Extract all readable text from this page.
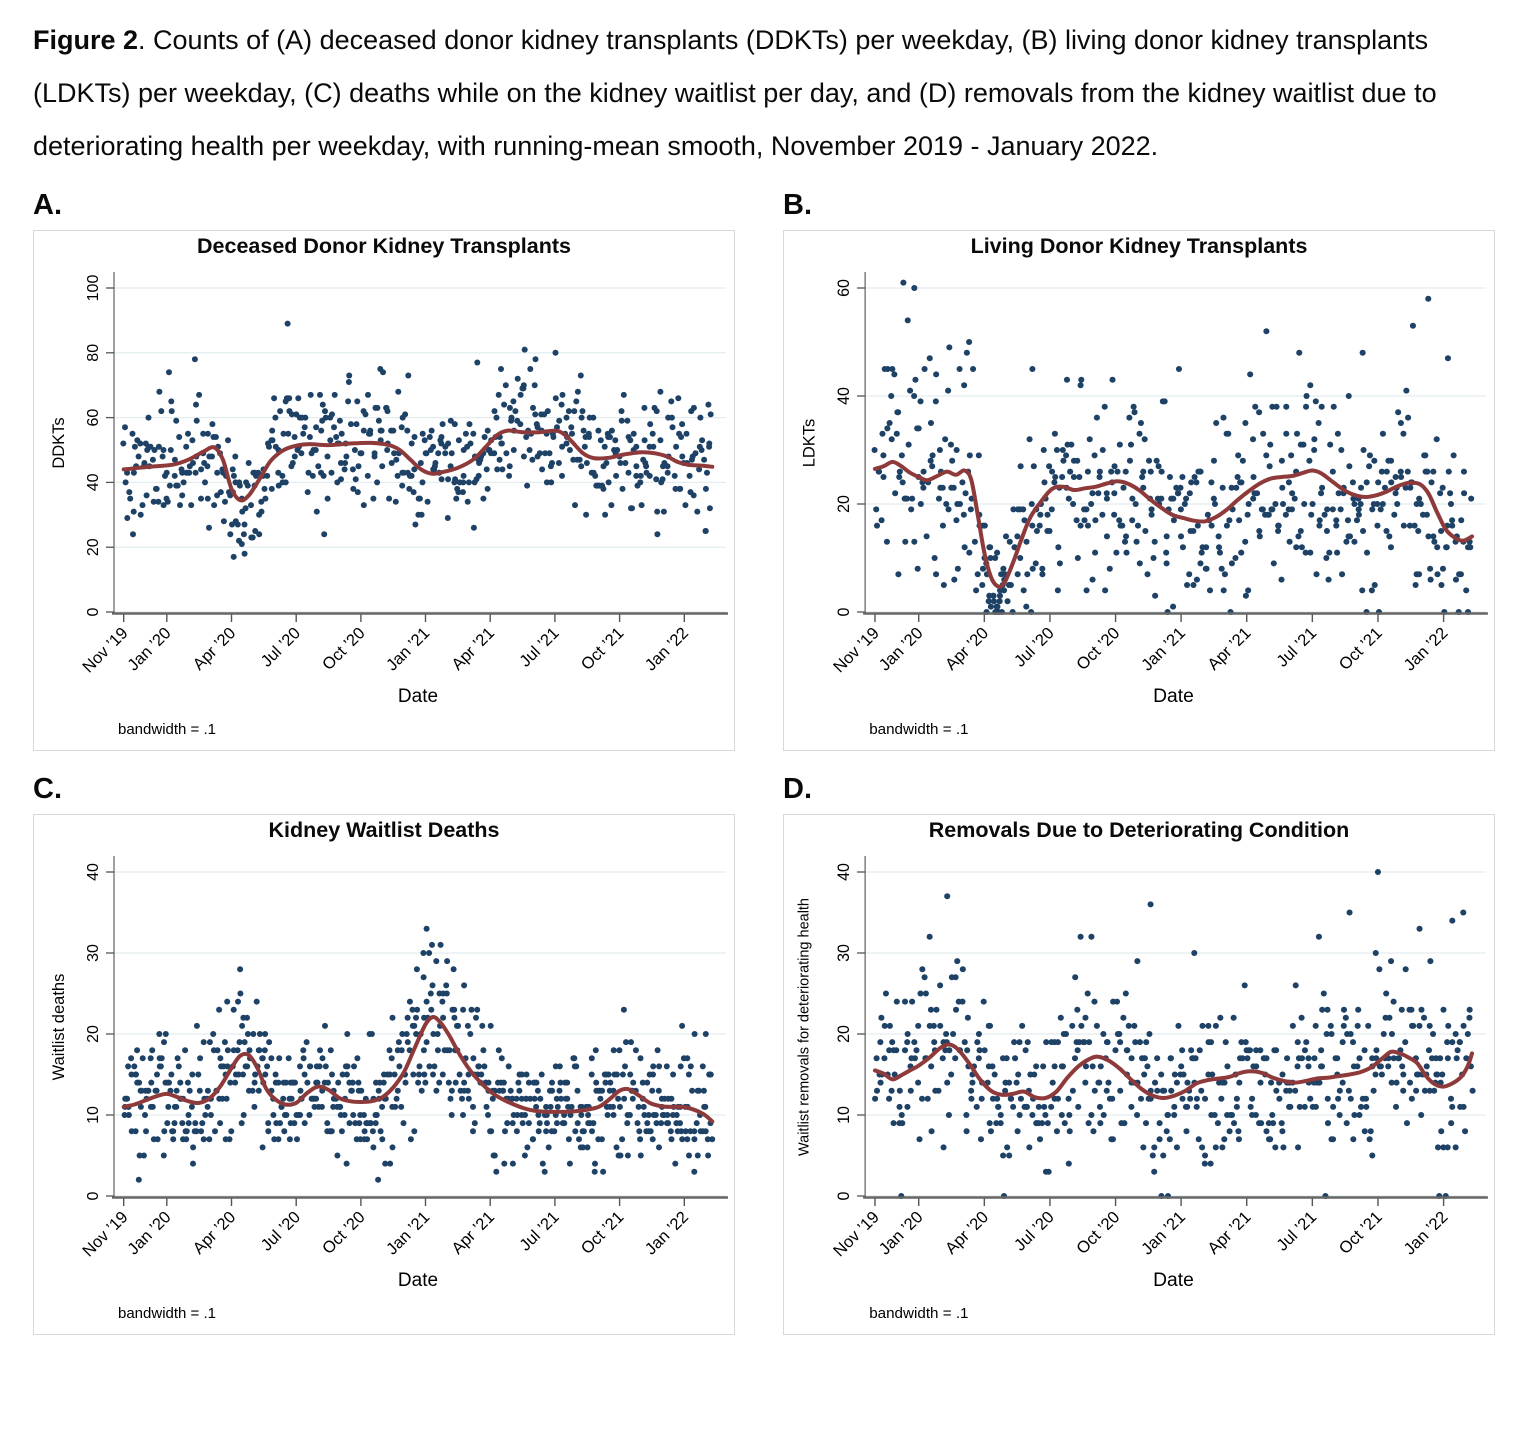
Figure 2. Counts of (A) deceased donor kidney transplants (DDKTs) per weekday, (B) living donor kidney transplants (LDKTs) per weekday, (C) deaths while on the kidney waitlist per day, and (D) removals from the kidney waitlist due to deteriorating health per weekday, with running-mean smooth, November 2019 - January 2022.
A.
Deceased Donor Kidney Transplants
0
20
40
60
80
100
DDKTs
Nov ’19
Jan ’20 Apr ’20 Jul ’20 Oct ’20 Jan ’21 Apr ’21 Jul ’21 Oct ’21 Jan ’22
Date
bandwidth = .1
B.
Living Donor Kidney Transplants
0
20
40
60
LDKTs
Nov ’19
Jan ’20 Apr ’20 Jul ’20 Oct ’20 Jan ’21 Apr ’21 Jul ’21 Oct ’21 Jan ’22
Date
bandwidth = .1
C.
Kidney Waitlist Deaths
0
10
20
30
40
Waitlist deaths
Nov ’19
Jan ’20 Apr ’20 Jul ’20 Oct ’20 Jan ’21 Apr ’21 Jul ’21 Oct ’21 Jan ’22
Date
bandwidth = .1
D.
Removals Due to Deteriorating Condition
0
10
20
30
40
Waitlist removals for deteriorating health
Nov ’19
Jan ’20 Apr ’20 Jul ’20 Oct ’20 Jan ’21 Apr ’21 Jul ’21 Oct ’21 Jan ’22
Date
bandwidth = .1
